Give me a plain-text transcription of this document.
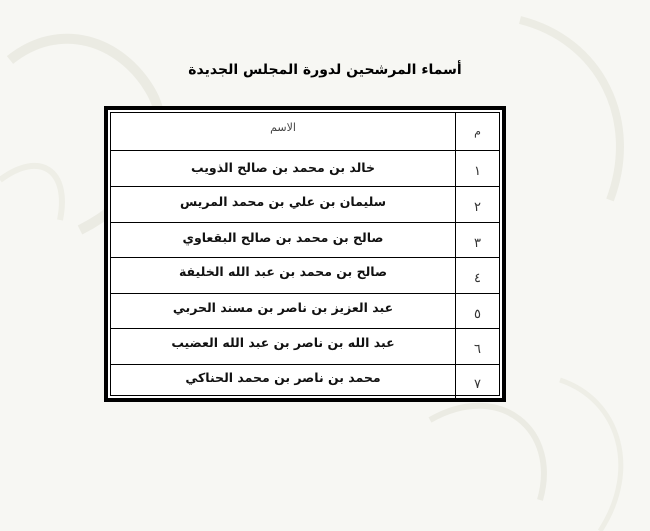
أسماء المرشحين لدورة المجلس الجديدة
م
الاسم
١
خالد بن محمد بن صالح الذويب
٢
سليمان بن علي بن محمد المريس
٣
صالح بن محمد بن صالح البقعاوي
٤
صالح بن محمد بن عبد الله الخليفة
٥
عبد العزيز بن ناصر بن مسند الحربي
٦
عبد الله بن ناصر بن عبد الله العضيب
٧
محمد بن ناصر بن محمد الحناكي
